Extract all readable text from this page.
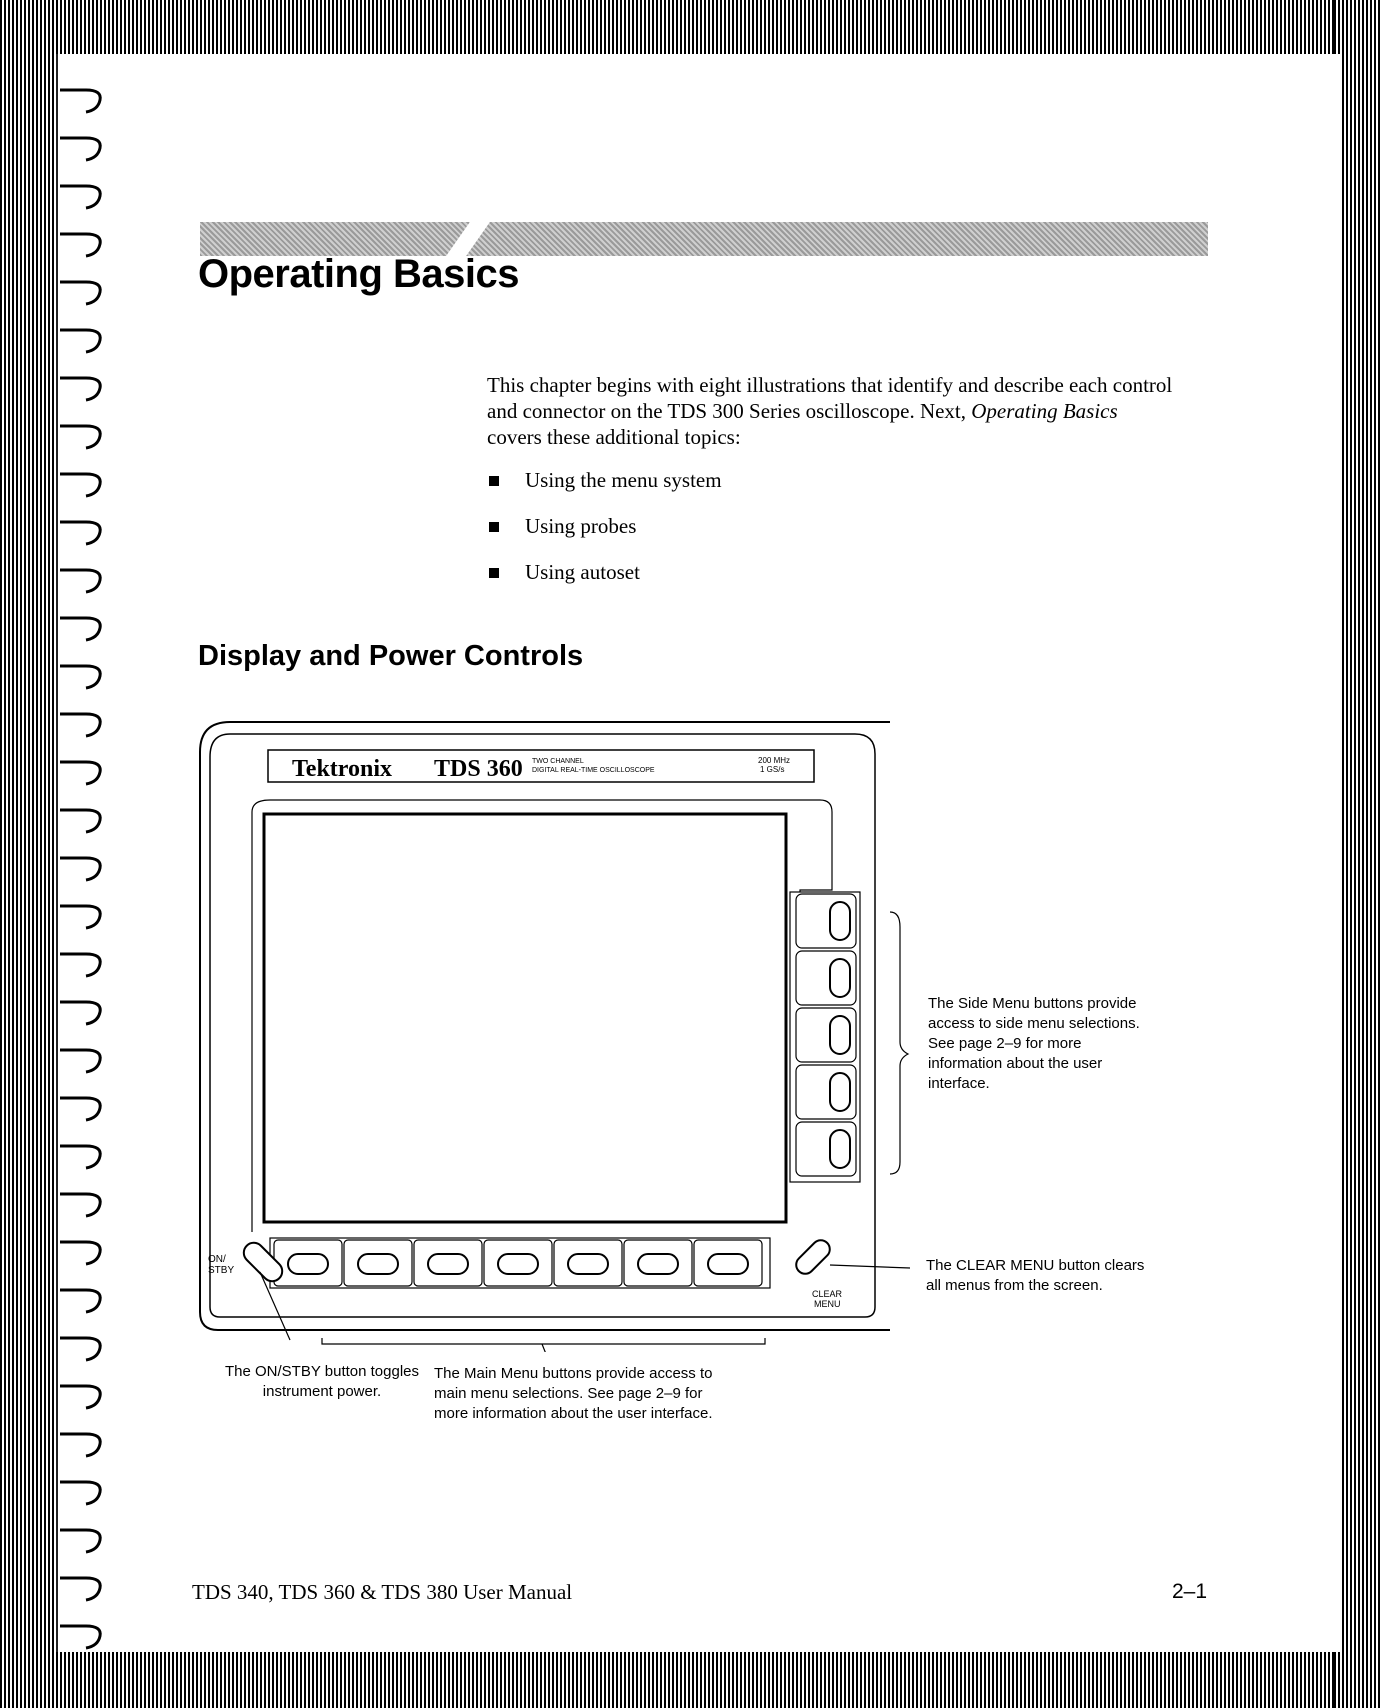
Operating Basics

This chapter begins with eight illustrations that identify and describe each control and connector on the TDS 300 Series oscilloscope. Next, Operating Basics covers these additional topics:

Using the menu system
Using probes
Using autoset
Display and Power Controls
Tektronix TDS 360 TWO CHANNEL
DIGITAL REAL-TIME OSCILLOSCOPE
200 MHz
1 GS/s
ON/
STBY
CLEAR
MENU
The Side Menu buttons provide
access to side menu selections.
See page 2–9 for more
information about the user
interface.
The CLEAR MENU button clears
all menus from the screen.
The ON/STBY button toggles
instrument power.
The Main Menu buttons provide access to
main menu selections. See page 2–9 for
more information about the user interface.
TDS 340, TDS 360 & TDS 380 User Manual	2–1
